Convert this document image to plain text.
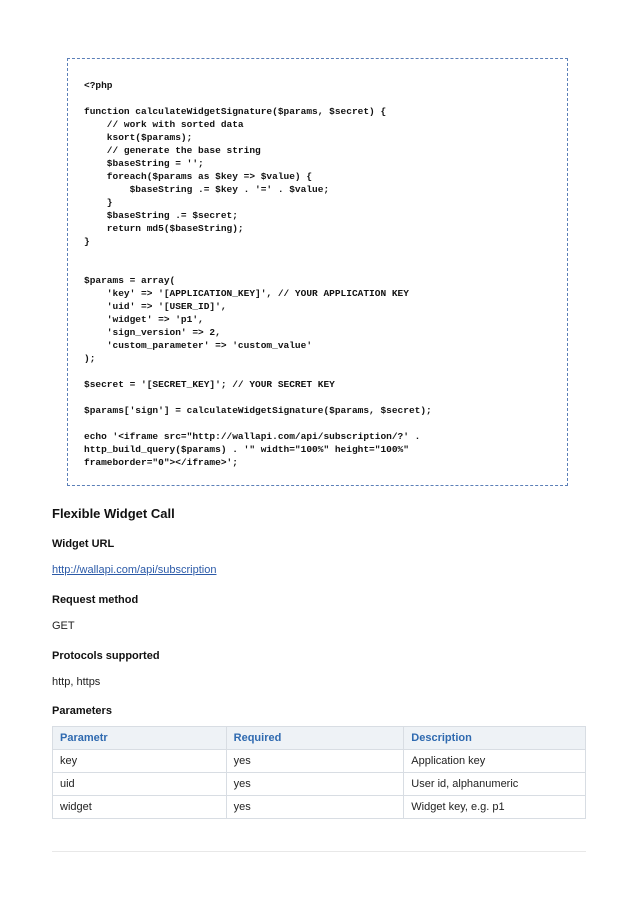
<?php
function calculateWidgetSignature($params, $secret) {
// work with sorted data
ksort($params);
// generate the base string
$baseString = '';
foreach($params as $key => $value) {
$baseString .= $key . '=' . $value;
}
$baseString .= $secret;
return md5($baseString);
}
$params = array(
'key' => '[APPLICATION_KEY]', // YOUR APPLICATION KEY
'uid' => '[USER_ID]',
'widget' => 'p1',
'sign_version' => 2,
'custom_parameter' => 'custom_value'
);
$secret = '[SECRET_KEY]'; // YOUR SECRET KEY
$params['sign'] = calculateWidgetSignature($params, $secret);
echo '<iframe src="http://wallapi.com/api/subscription/?' .
http_build_query($params) . '" width="100%" height="100%"
frameborder="0"></iframe>';
Flexible Widget Call
Widget URL
http://wallapi.com/api/subscription
Request method
GET
Protocols supported
http, https
Parameters
Parametr	Required	Description
key	yes	Application key
uid	yes	User id, alphanumeric
widget	yes	Widget key, e.g. p1
